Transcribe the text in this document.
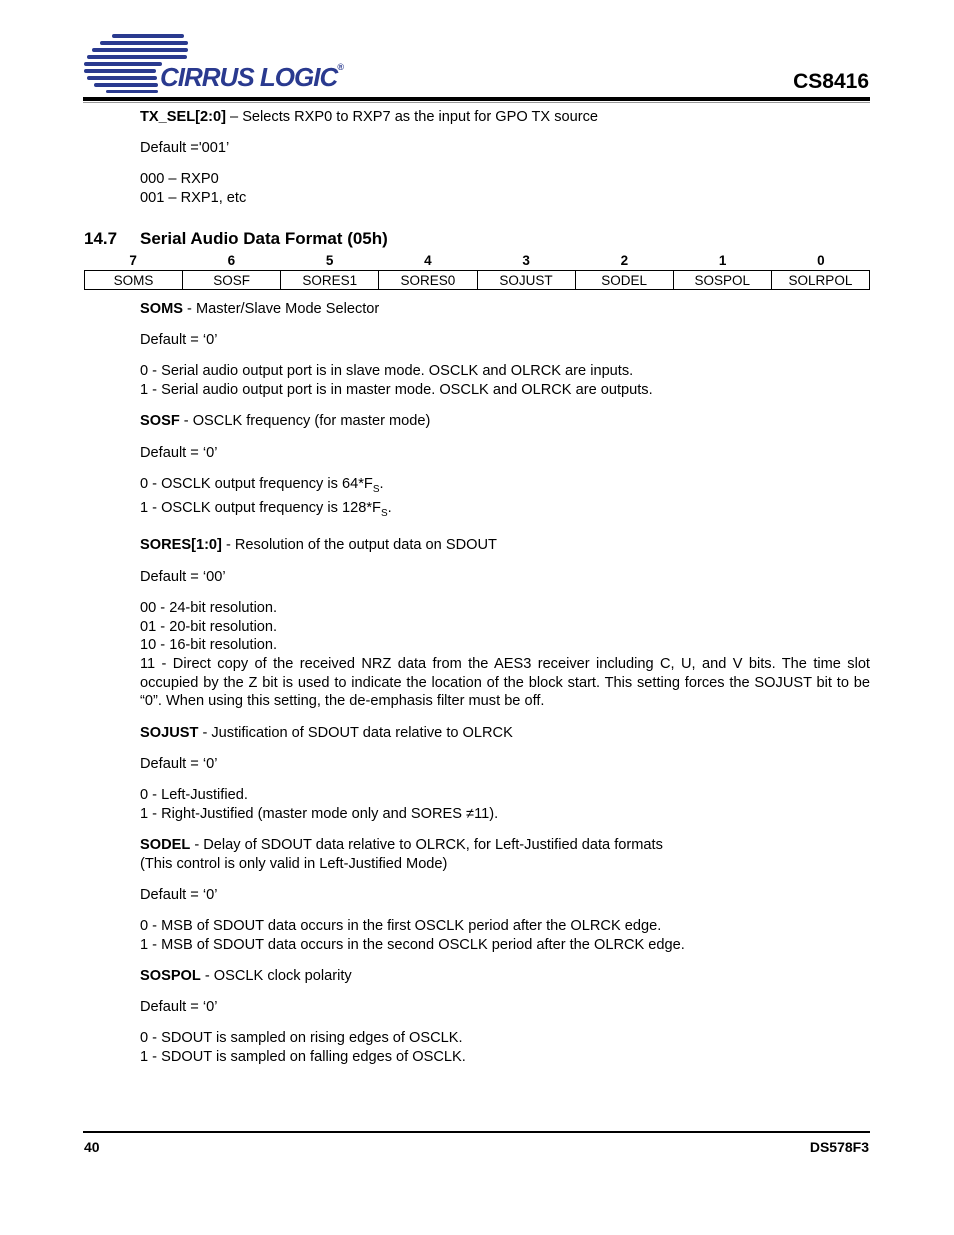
CIRRUS LOGIC®
CS8416

TX_SEL[2:0] – Selects RXP0 to RXP7 as the input for GPO TX source

Default ='001’

000 – RXP0

001 – RXP1, etc

14.7 Serial Audio Data Format (05h)
7	6	5	4	3	2	1	0
SOMS	SOSF	SORES1	SORES0	SOJUST	SODEL	SOSPOL	SOLRPOL

SOMS - Master/Slave Mode Selector

Default = ‘0’

0 - Serial audio output port is in slave mode. OSCLK and OLRCK are inputs.

1 - Serial audio output port is in master mode. OSCLK and OLRCK are outputs.

SOSF - OSCLK frequency (for master mode)

Default = ‘0’

0 - OSCLK output frequency is $64*F_S$.

1 - OSCLK output frequency is $128*F_S$.

SORES[1:0] - Resolution of the output data on SDOUT

Default = ‘00’

00 - 24-bit resolution.

01 - 20-bit resolution.

10 - 16-bit resolution.

11 - Direct copy of the received NRZ data from the AES3 receiver including C, U, and V bits. The time slot occupied by the Z bit is used to indicate the location of the block start. This setting forces the SOJUST bit to be “0”. When using this setting, the de-emphasis filter must be off.

SOJUST - Justification of SDOUT data relative to OLRCK

Default = ‘0’

0 - Left-Justified.

1 - Right-Justified (master mode only and SORES ≠11).

SODEL - Delay of SDOUT data relative to OLRCK, for Left-Justified data formats

(This control is only valid in Left-Justified Mode)

Default = ‘0’

0 - MSB of SDOUT data occurs in the first OSCLK period after the OLRCK edge.

1 - MSB of SDOUT data occurs in the second OSCLK period after the OLRCK edge.

SOSPOL - OSCLK clock polarity

Default = ‘0’

0 - SDOUT is sampled on rising edges of OSCLK.

1 - SDOUT is sampled on falling edges of OSCLK.

40	DS578F3
